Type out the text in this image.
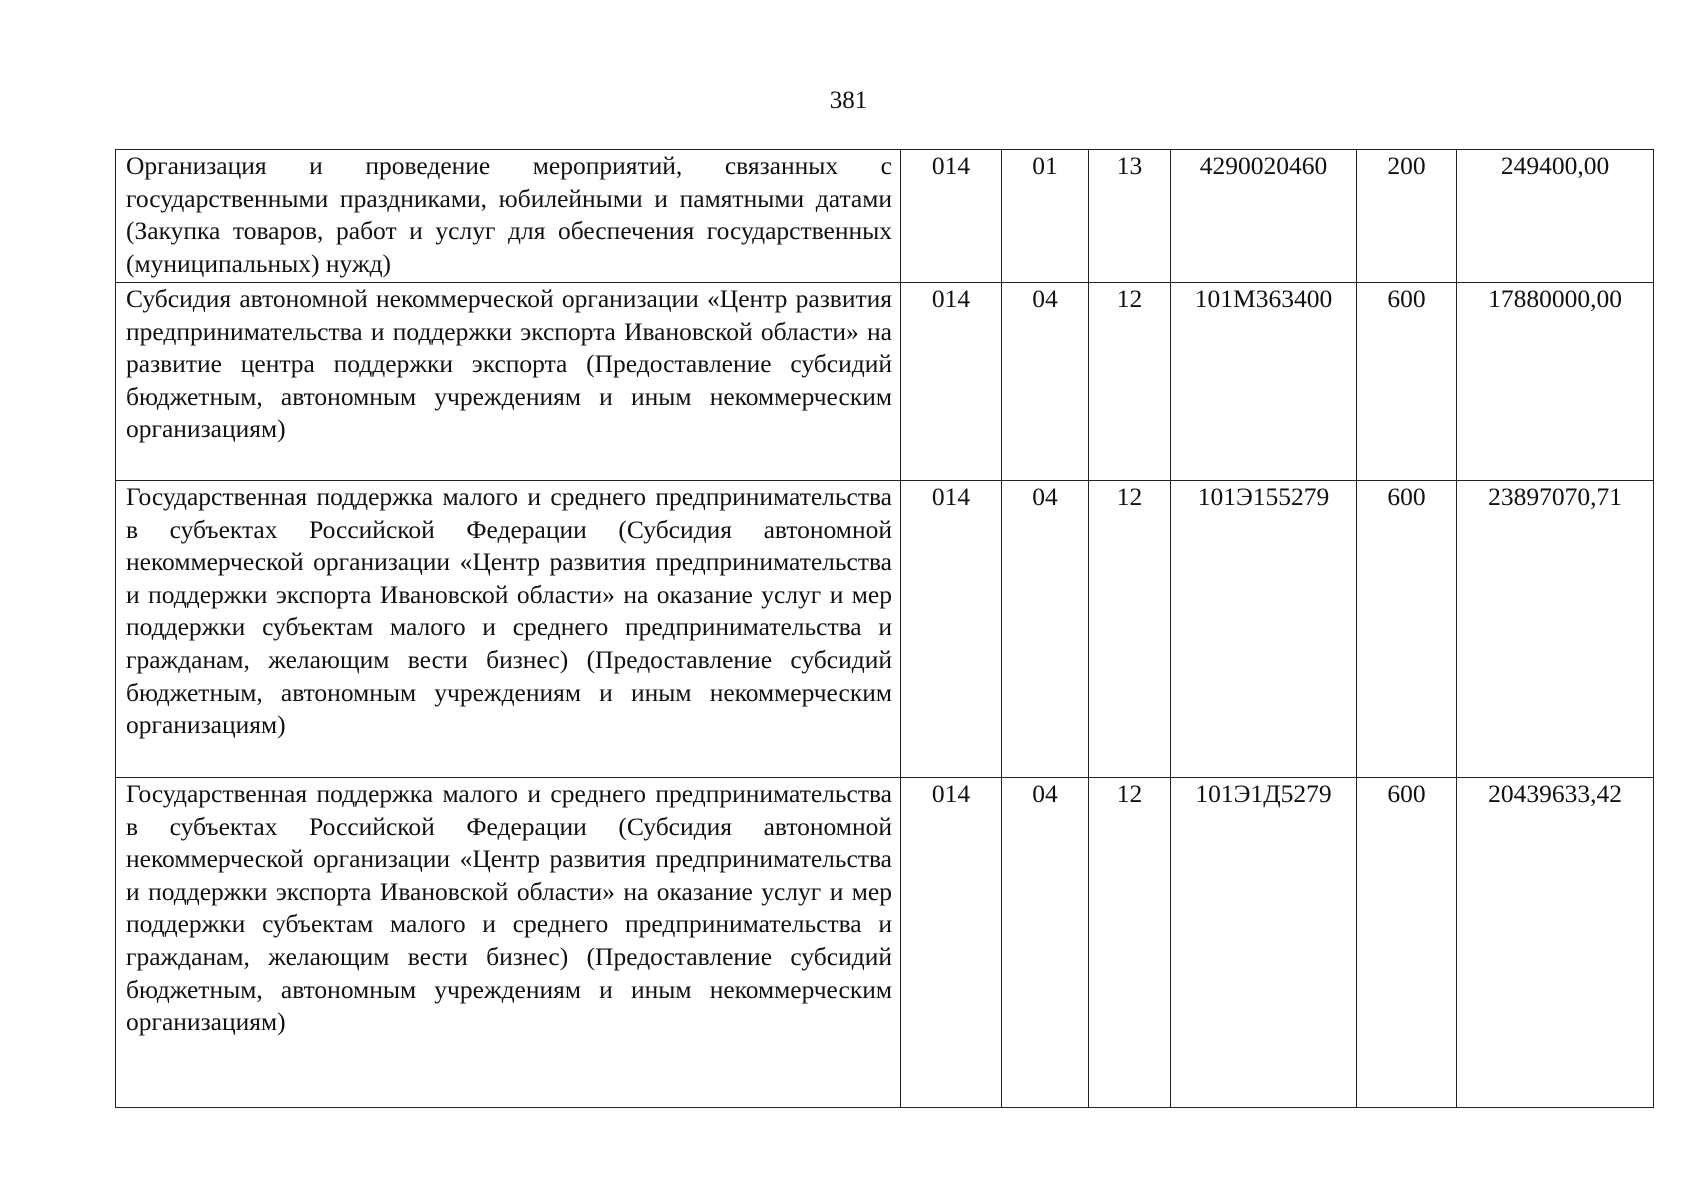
381
Организация и проведение мероприятий, связанных с государственными праздниками, юбилейными и памятными датами (Закупка товаров, работ и услуг для обеспечения государственных (муниципальных) нужд)	014	01	13	4290020460	200	249400,00
Субсидия автономной некоммерческой организации «Центр развития предпринимательства и поддержки экспорта Ивановской области» на развитие центра поддержки экспорта (Предоставление субсидий бюджетным, автономным учреждениям и иным некоммерческим организациям)	014	04	12	101M363400	600	17880000,00
Государственная поддержка малого и среднего предпринимательства в субъектах Российской Федерации (Субсидия автономной некоммерческой организации «Центр развития предпринимательства и поддержки экспорта Ивановской области» на оказание услуг и мер поддержки субъектам малого и среднего предпринимательства и гражданам, желающим вести бизнес) (Предоставление субсидий бюджетным, автономным учреждениям и иным некоммерческим организациям)	014	04	12	101Э155279	600	23897070,71
Государственная поддержка малого и среднего предпринимательства в субъектах Российской Федерации (Субсидия автономной некоммерческой организации «Центр развития предпринимательства и поддержки экспорта Ивановской области» на оказание услуг и мер поддержки субъектам малого и среднего предпринимательства и гражданам, желающим вести бизнес) (Предоставление субсидий бюджетным, автономным учреждениям и иным некоммерческим организациям)	014	04	12	101Э1Д5279	600	20439633,42
